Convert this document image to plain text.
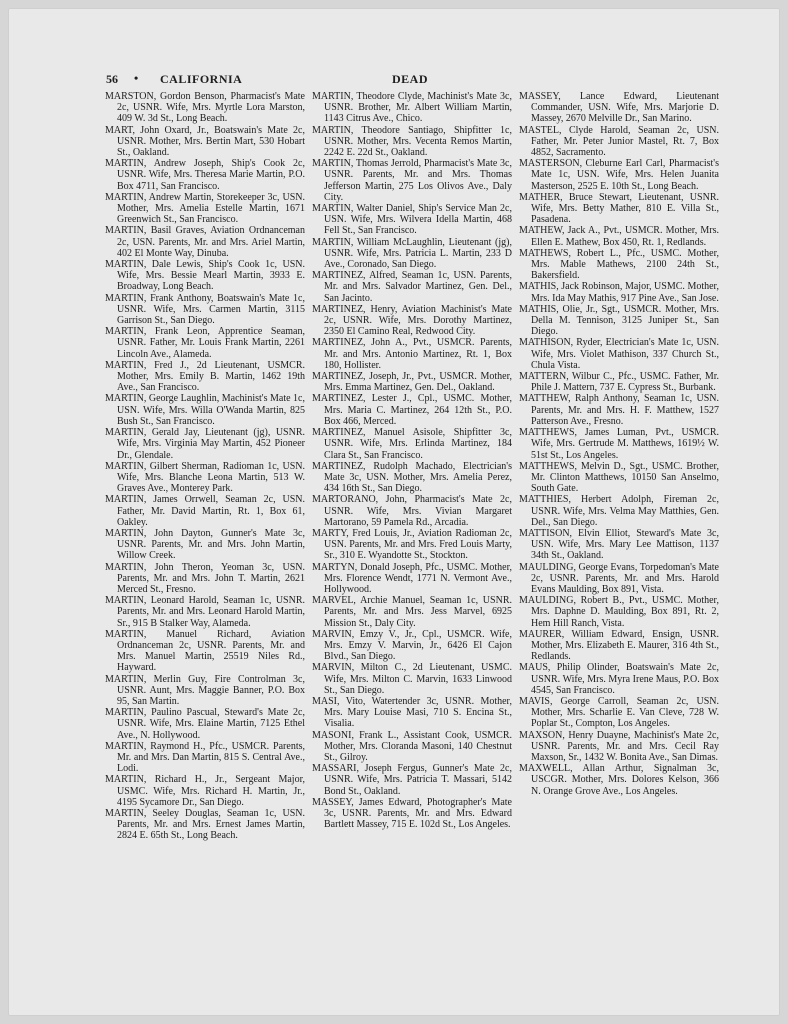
56 • CALIFORNIA	DEAD

MARSTON, Gordon Benson, Pharmacist's Mate 2c, USNR. Wife, Mrs. Myrtle Lora Marston, 409 W. 3d St., Long Beach.

MART, John Oxard, Jr., Boatswain's Mate 2c, USNR. Mother, Mrs. Bertin Mart, 530 Hobart St., Oakland.

MARTIN, Andrew Joseph, Ship's Cook 2c, USNR. Wife, Mrs. Theresa Marie Martin, P.O. Box 4711, San Francisco.

MARTIN, Andrew Martin, Storekeeper 3c, USN. Mother, Mrs. Amelia Estelle Martin, 1671 Greenwich St., San Francisco.

MARTIN, Basil Graves, Aviation Ordnanceman 2c, USN. Parents, Mr. and Mrs. Ariel Martin, 402 El Monte Way, Dinuba.

MARTIN, Dale Lewis, Ship's Cook 1c, USN. Wife, Mrs. Bessie Mearl Martin, 3933 E. Broadway, Long Beach.

MARTIN, Frank Anthony, Boatswain's Mate 1c, USNR. Wife, Mrs. Carmen Martin, 3115 Garrison St., San Diego.

MARTIN, Frank Leon, Apprentice Seaman, USNR. Father, Mr. Louis Frank Martin, 2261 Lincoln Ave., Alameda.

MARTIN, Fred J., 2d Lieutenant, USMCR. Mother, Mrs. Emily B. Martin, 1462 19th Ave., San Francisco.

MARTIN, George Laughlin, Machinist's Mate 1c, USN. Wife, Mrs. Willa O'Wanda Martin, 825 Bush St., San Francisco.

MARTIN, Gerald Jay, Lieutenant (jg), USNR. Wife, Mrs. Virginia May Martin, 452 Pioneer Dr., Glendale.

MARTIN, Gilbert Sherman, Radioman 1c, USN. Wife, Mrs. Blanche Leona Martin, 513 W. Graves Ave., Monterey Park.

MARTIN, James Orrwell, Seaman 2c, USN. Father, Mr. David Martin, Rt. 1, Box 61, Oakley.

MARTIN, John Dayton, Gunner's Mate 3c, USNR. Parents, Mr. and Mrs. John Martin, Willow Creek.

MARTIN, John Theron, Yeoman 3c, USN. Parents, Mr. and Mrs. John T. Martin, 2621 Merced St., Fresno.

MARTIN, Leonard Harold, Seaman 1c, USNR. Parents, Mr. and Mrs. Leonard Harold Martin, Sr., 915 B Stalker Way, Alameda.

MARTIN, Manuel Richard, Aviation Ordnanceman 2c, USNR. Parents, Mr. and Mrs. Manuel Martin, 25519 Niles Rd., Hayward.

MARTIN, Merlin Guy, Fire Controlman 3c, USNR. Aunt, Mrs. Maggie Banner, P.O. Box 95, San Martin.

MARTIN, Paulino Pascual, Steward's Mate 2c, USNR. Wife, Mrs. Elaine Martin, 7125 Ethel Ave., N. Hollywood.

MARTIN, Raymond H., Pfc., USMCR. Parents, Mr. and Mrs. Dan Martin, 815 S. Central Ave., Lodi.

MARTIN, Richard H., Jr., Sergeant Major, USMC. Wife, Mrs. Richard H. Martin, Jr., 4195 Sycamore Dr., San Diego.

MARTIN, Seeley Douglas, Seaman 1c, USN. Parents, Mr. and Mrs. Ernest James Martin, 2824 E. 65th St., Long Beach.

MARTIN, Theodore Clyde, Machinist's Mate 3c, USNR. Brother, Mr. Albert William Martin, 1143 Citrus Ave., Chico.

MARTIN, Theodore Santiago, Shipfitter 1c, USNR. Mother, Mrs. Vecenta Remos Martin, 2242 E. 22d St., Oakland.

MARTIN, Thomas Jerrold, Pharmacist's Mate 3c, USNR. Parents, Mr. and Mrs. Thomas Jefferson Martin, 275 Los Olivos Ave., Daly City.

MARTIN, Walter Daniel, Ship's Service Man 2c, USN. Wife, Mrs. Wilvera Idella Martin, 468 Fell St., San Francisco.

MARTIN, William McLaughlin, Lieutenant (jg), USNR. Wife, Mrs. Patricia L. Martin, 233 D Ave., Coronado, San Diego.

MARTINEZ, Alfred, Seaman 1c, USN. Parents, Mr. and Mrs. Salvador Martinez, Gen. Del., San Jacinto.

MARTINEZ, Henry, Aviation Machinist's Mate 2c, USNR. Wife, Mrs. Dorothy Martinez, 2350 El Camino Real, Redwood City.

MARTINEZ, John A., Pvt., USMCR. Parents, Mr. and Mrs. Antonio Martinez, Rt. 1, Box 180, Hollister.

MARTINEZ, Joseph, Jr., Pvt., USMCR. Mother, Mrs. Emma Martinez, Gen. Del., Oakland.

MARTINEZ, Lester J., Cpl., USMC. Mother, Mrs. Maria C. Martinez, 264 12th St., P.O. Box 466, Merced.

MARTINEZ, Manuel Asisole, Shipfitter 3c, USNR. Wife, Mrs. Erlinda Martinez, 184 Clara St., San Francisco.

MARTINEZ, Rudolph Machado, Electrician's Mate 3c, USN. Mother, Mrs. Amelia Perez, 434 16th St., San Diego.

MARTORANO, John, Pharmacist's Mate 2c, USNR. Wife, Mrs. Vivian Margaret Martorano, 59 Pamela Rd., Arcadia.

MARTY, Fred Louis, Jr., Aviation Radioman 2c, USN. Parents, Mr. and Mrs. Fred Louis Marty, Sr., 310 E. Wyandotte St., Stockton.

MARTYN, Donald Joseph, Pfc., USMC. Mother, Mrs. Florence Wendt, 1771 N. Vermont Ave., Hollywood.

MARVEL, Archie Manuel, Seaman 1c, USNR. Parents, Mr. and Mrs. Jess Marvel, 6925 Mission St., Daly City.

MARVIN, Emzy V., Jr., Cpl., USMCR. Wife, Mrs. Emzy V. Marvin, Jr., 6426 El Cajon Blvd., San Diego.

MARVIN, Milton C., 2d Lieutenant, USMC. Wife, Mrs. Milton C. Marvin, 1633 Linwood St., San Diego.

MASI, Vito, Watertender 3c, USNR. Mother, Mrs. Mary Louise Masi, 710 S. Encina St., Visalia.

MASONI, Frank L., Assistant Cook, USMCR. Mother, Mrs. Cloranda Masoni, 140 Chestnut St., Gilroy.

MASSARI, Joseph Fergus, Gunner's Mate 2c, USNR. Wife, Mrs. Patricia T. Massari, 5142 Bond St., Oakland.

MASSEY, James Edward, Photographer's Mate 3c, USNR. Parents, Mr. and Mrs. Edward Bartlett Massey, 715 E. 102d St., Los Angeles.

MASSEY, Lance Edward, Lieutenant Commander, USN. Wife, Mrs. Marjorie D. Massey, 2670 Melville Dr., San Marino.

MASTEL, Clyde Harold, Seaman 2c, USN. Father, Mr. Peter Junior Mastel, Rt. 7, Box 4852, Sacramento.

MASTERSON, Cleburne Earl Carl, Pharmacist's Mate 1c, USN. Wife, Mrs. Helen Juanita Masterson, 2525 E. 10th St., Long Beach.

MATHER, Bruce Stewart, Lieutenant, USNR. Wife, Mrs. Betty Mather, 810 E. Villa St., Pasadena.

MATHEW, Jack A., Pvt., USMCR. Mother, Mrs. Ellen E. Mathew, Box 450, Rt. 1, Redlands.

MATHEWS, Robert L., Pfc., USMC. Mother, Mrs. Mable Mathews, 2100 24th St., Bakersfield.

MATHIS, Jack Robinson, Major, USMC. Mother, Mrs. Ida May Mathis, 917 Pine Ave., San Jose.

MATHIS, Olie, Jr., Sgt., USMCR. Mother, Mrs. Della M. Tennison, 3125 Juniper St., San Diego.

MATHISON, Ryder, Electrician's Mate 1c, USN. Wife, Mrs. Violet Mathison, 337 Church St., Chula Vista.

MATTERN, Wilbur C., Pfc., USMC. Father, Mr. Phile J. Mattern, 737 E. Cypress St., Burbank.

MATTHEW, Ralph Anthony, Seaman 1c, USN. Parents, Mr. and Mrs. H. F. Matthew, 1527 Patterson Ave., Fresno.

MATTHEWS, James Luman, Pvt., USMCR. Wife, Mrs. Gertrude M. Matthews, 1619½ W. 51st St., Los Angeles.

MATTHEWS, Melvin D., Sgt., USMC. Brother, Mr. Clinton Matthews, 10150 San Anselmo, South Gate.

MATTHIES, Herbert Adolph, Fireman 2c, USNR. Wife, Mrs. Velma May Matthies, Gen. Del., San Diego.

MATTISON, Elvin Elliot, Steward's Mate 3c, USN. Wife, Mrs. Mary Lee Mattison, 1137 34th St., Oakland.

MAULDING, George Evans, Torpedoman's Mate 2c, USNR. Parents, Mr. and Mrs. Harold Evans Maulding, Box 891, Vista.

MAULDING, Robert B., Pvt., USMC. Mother, Mrs. Daphne D. Maulding, Box 891, Rt. 2, Hem Hill Ranch, Vista.

MAURER, William Edward, Ensign, USNR. Mother, Mrs. Elizabeth E. Maurer, 316 4th St., Redlands.

MAUS, Philip Olinder, Boatswain's Mate 2c, USNR. Wife, Mrs. Myra Irene Maus, P.O. Box 4545, San Francisco.

MAVIS, George Carroll, Seaman 2c, USN. Mother, Mrs. Scharlie E. Van Cleve, 728 W. Poplar St., Compton, Los Angeles.

MAXSON, Henry Duayne, Machinist's Mate 2c, USNR. Parents, Mr. and Mrs. Cecil Ray Maxson, Sr., 1432 W. Bonita Ave., San Dimas.

MAXWELL, Allan Arthur, Signalman 3c, USCGR. Mother, Mrs. Dolores Kelson, 366 N. Orange Grove Ave., Los Angeles.
